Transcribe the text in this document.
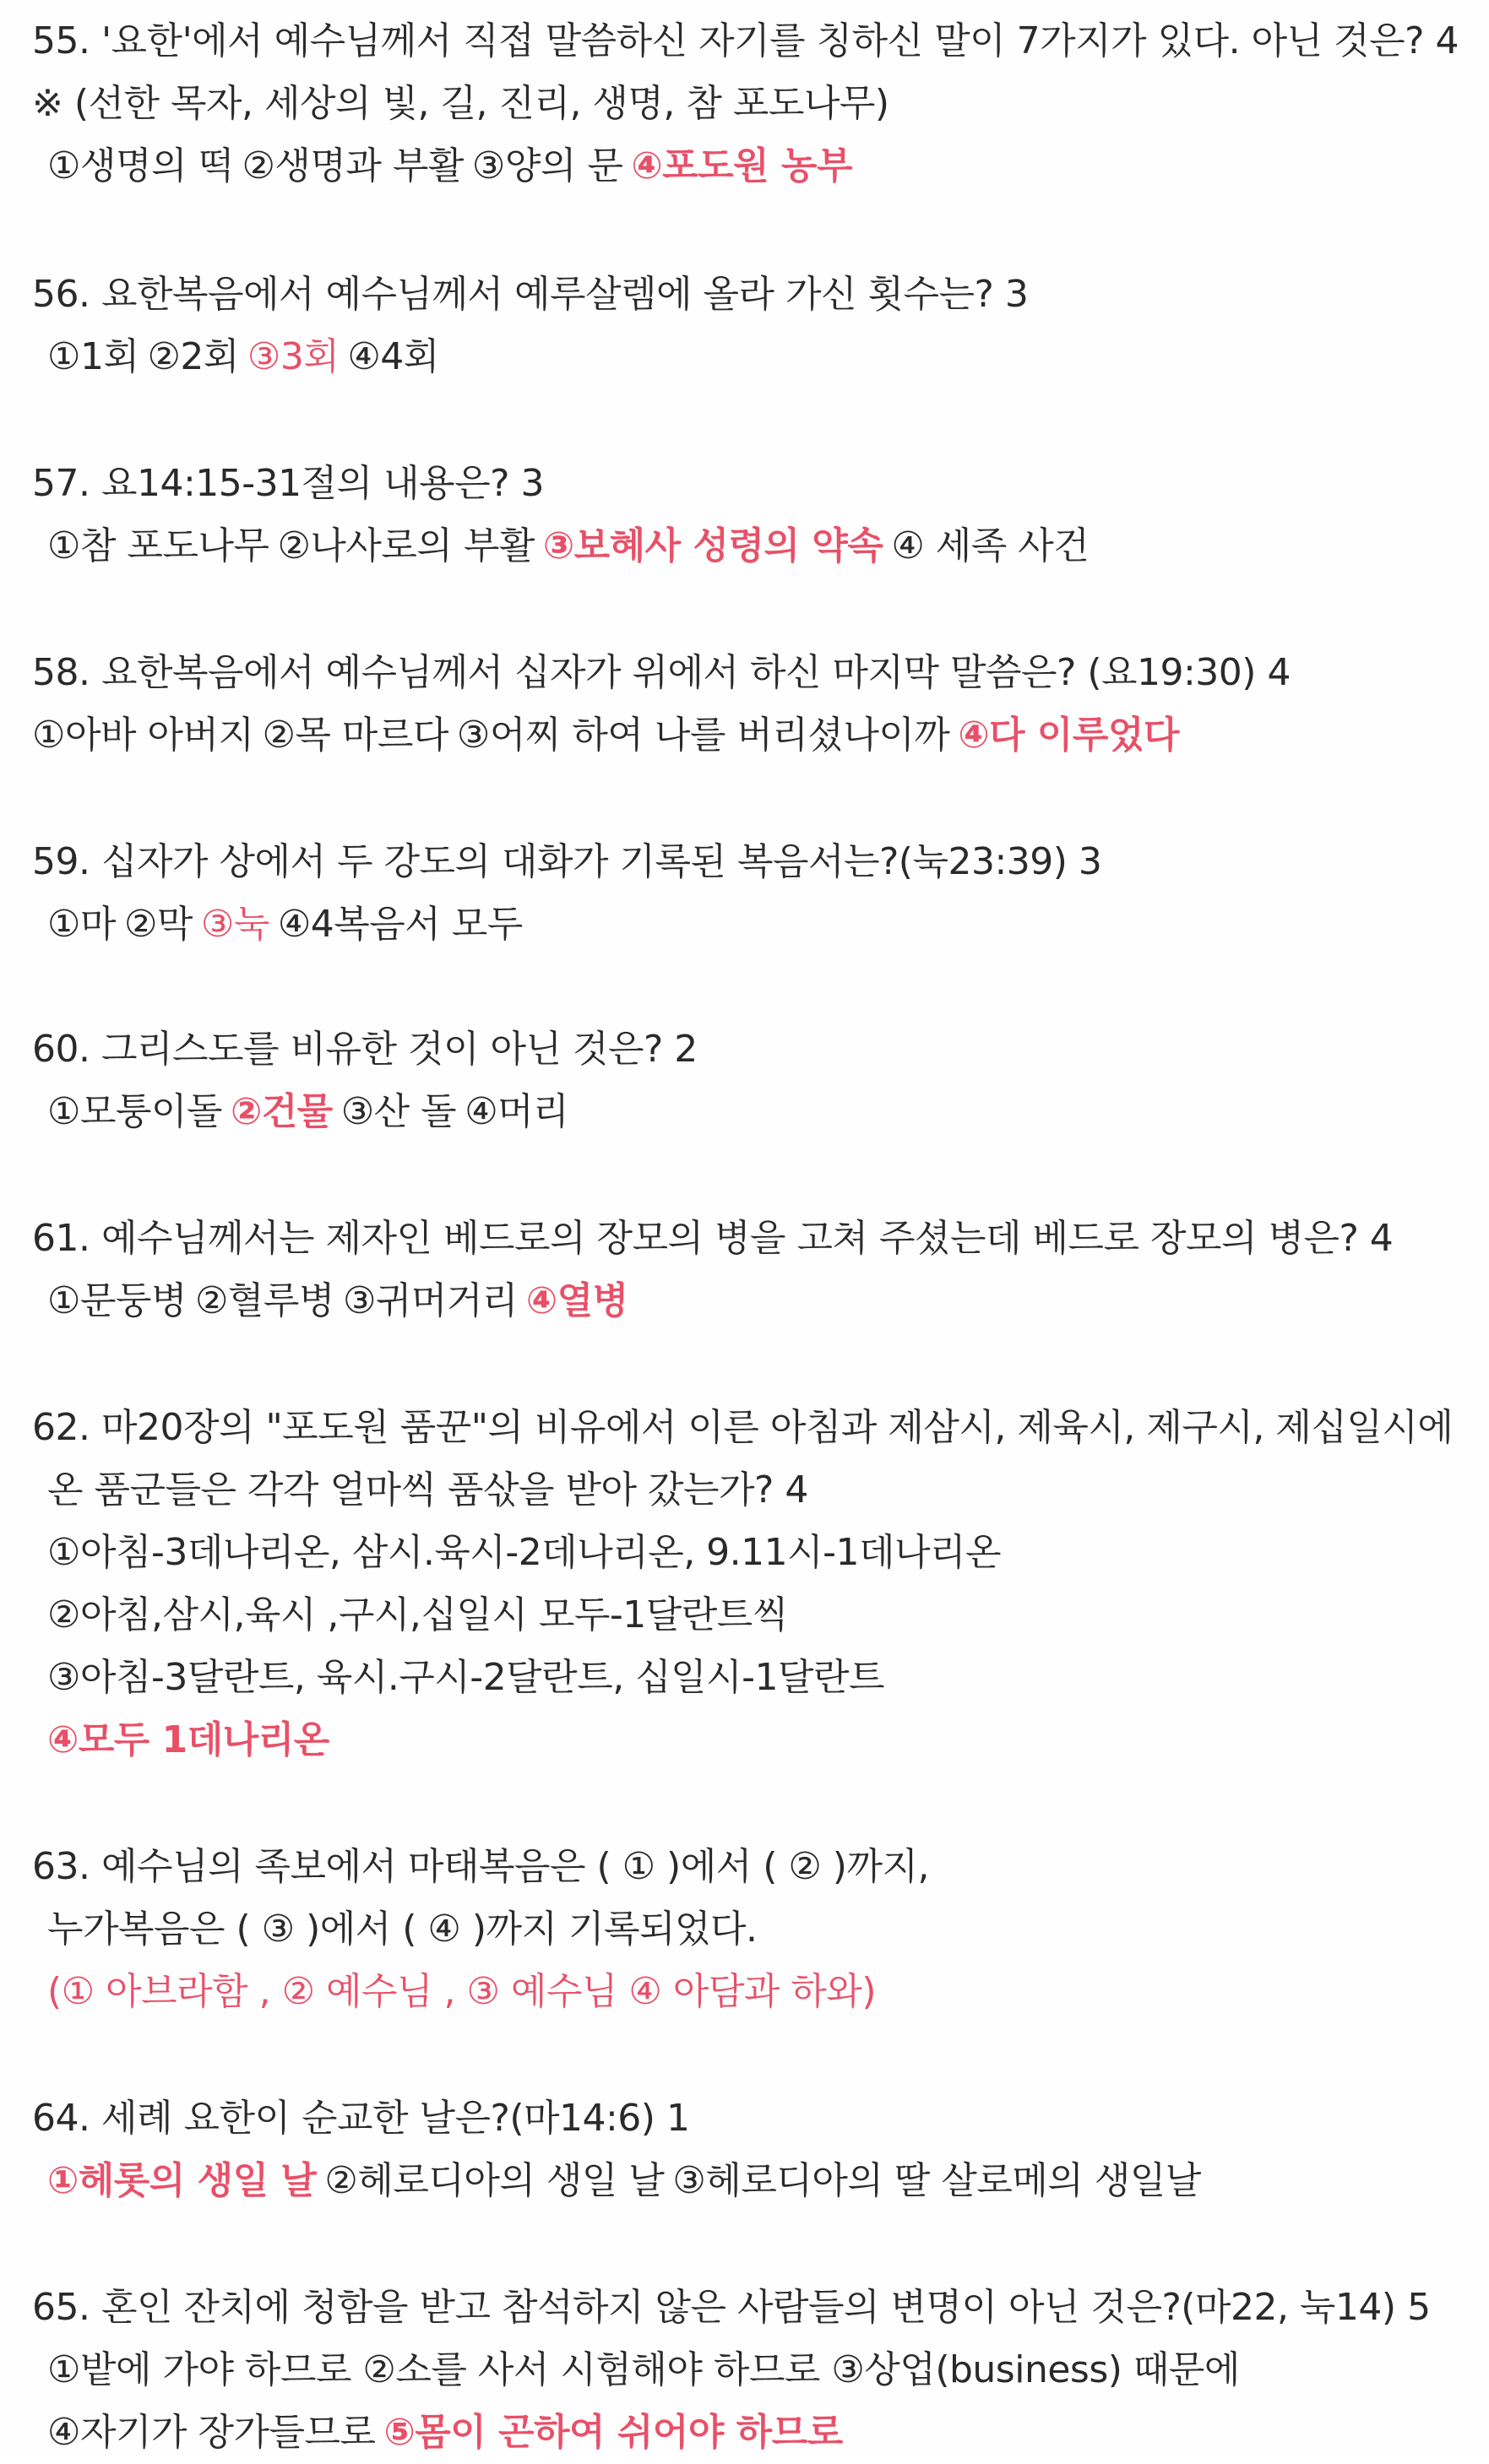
55. '요한'에서 예수님께서 직접 말씀하신 자기를 칭하신 말이 7가지가 있다. 아닌 것은? 4
※ (선한 목자, 세상의 빛, 길, 진리, 생명, 참 포도나무)
①생명의 떡 ②생명과 부활 ③양의 문 ④포도원 농부
56. 요한복음에서 예수님께서 예루살렘에 올라 가신 횟수는? 3
①1회 ②2회 ③3회 ④4회
57. 요14:15-31절의 내용은? 3
①참 포도나무 ②나사로의 부활 ③보혜사 성령의 약속 ④ 세족 사건
58. 요한복음에서 예수님께서 십자가 위에서 하신 마지막 말씀은? (요19:30) 4
①아바 아버지 ②목 마르다 ③어찌 하여 나를 버리셨나이까 ④다 이루었다
59. 십자가 상에서 두 강도의 대화가 기록된 복음서는?(눅23:39) 3
①마 ②막 ③눅 ④4복음서 모두
60. 그리스도를 비유한 것이 아닌 것은? 2
①모퉁이돌 ②건물 ③산 돌 ④머리
61. 예수님께서는 제자인 베드로의 장모의 병을 고쳐 주셨는데 베드로 장모의 병은? 4
①문둥병 ②혈루병 ③귀머거리 ④열병
62. 마20장의 "포도원 품꾼"의 비유에서 이른 아침과 제삼시, 제육시, 제구시, 제십일시에
온 품군들은 각각 얼마씩 품삯을 받아 갔는가? 4
①아침-3데나리온, 삼시.육시-2데나리온, 9.11시-1데나리온
②아침,삼시,육시 ,구시,십일시 모두-1달란트씩
③아침-3달란트, 육시.구시-2달란트, 십일시-1달란트
④모두 1데나리온
63. 예수님의 족보에서 마태복음은 ( ① )에서 ( ② )까지,
누가복음은 ( ③ )에서 ( ④ )까지 기록되었다.
(① 아브라함 , ② 예수님 , ③ 예수님 ④ 아담과 하와)
64. 세례 요한이 순교한 날은?(마14:6) 1
①헤롯의 생일 날 ②헤로디아의 생일 날 ③헤로디아의 딸 살로메의 생일날
65. 혼인 잔치에 청함을 받고 참석하지 않은 사람들의 변명이 아닌 것은?(마22, 눅14) 5
①밭에 가야 하므로 ②소를 사서 시험해야 하므로 ③상업(business) 때문에
④자기가 장가들므로 ⑤몸이 곤하여 쉬어야 하므로
